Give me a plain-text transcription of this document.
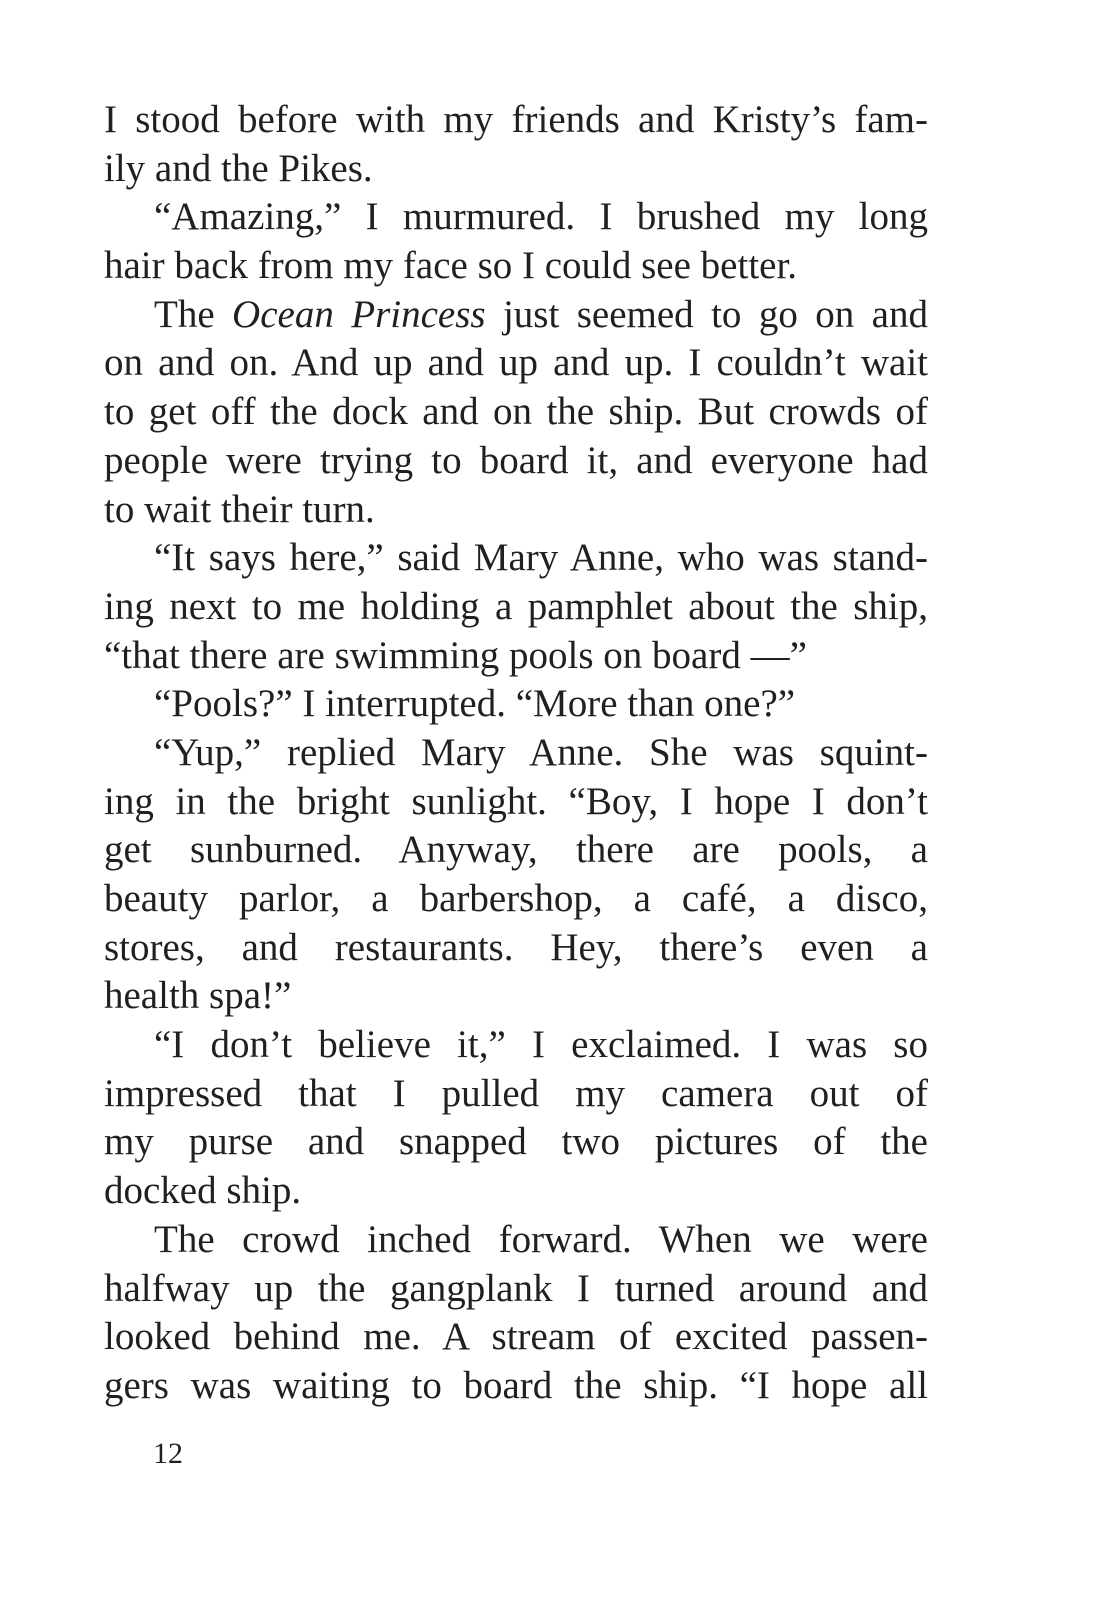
I stood before with my friends and Kristy’s fam-
ily and the Pikes.
“Amazing,” I murmured. I brushed my long
hair back from my face so I could see better.
The Ocean Princess just seemed to go on and
on and on. And up and up and up. I couldn’t wait
to get off the dock and on the ship. But crowds of
people were trying to board it, and everyone had
to wait their turn.
“It says here,” said Mary Anne, who was stand-
ing next to me holding a pamphlet about the ship,
“that there are swimming pools on board —”
“Pools?” I interrupted. “More than one?”
“Yup,” replied Mary Anne. She was squint-
ing in the bright sunlight. “Boy, I hope I don’t
get sunburned. Anyway, there are pools, a
beauty parlor, a barbershop, a café, a disco,
stores, and restaurants. Hey, there’s even a
health spa!”
“I don’t believe it,” I exclaimed. I was so
impressed that I pulled my camera out of
my purse and snapped two pictures of the
docked ship.
The crowd inched forward. When we were
halfway up the gangplank I turned around and
looked behind me. A stream of excited passen-
gers was waiting to board the ship. “I hope all
12
